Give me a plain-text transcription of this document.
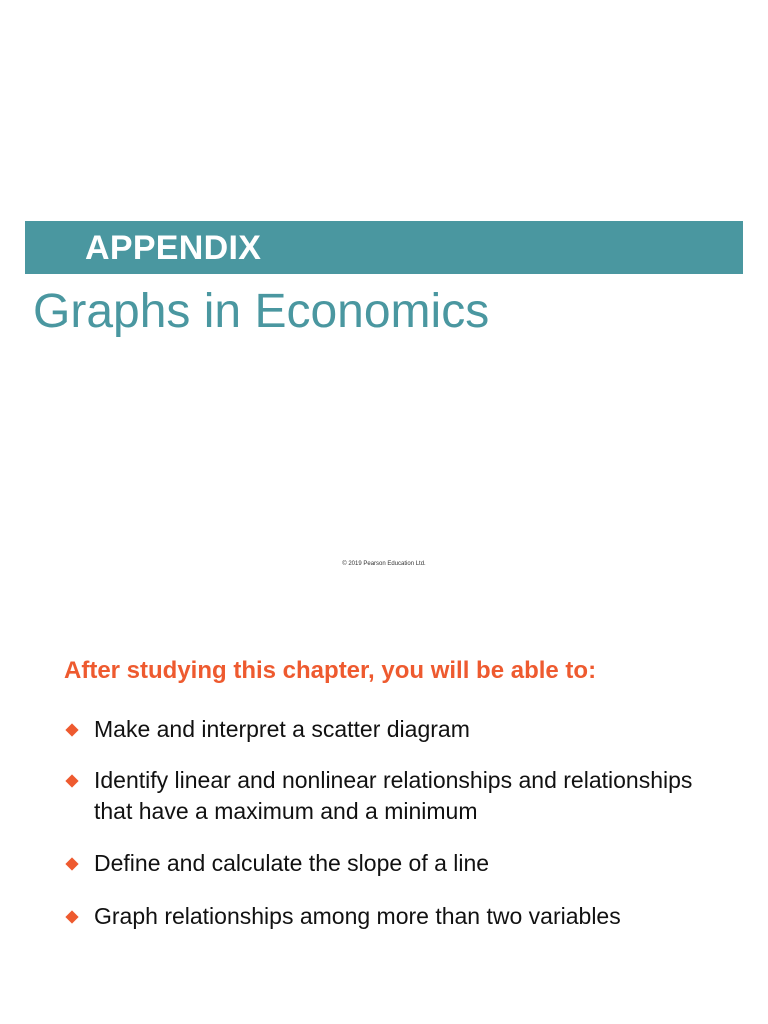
APPENDIX
Graphs in Economics
© 2019 Pearson Education Ltd.
After studying this chapter, you will be able to:
Make and interpret a scatter diagram
Identify linear and nonlinear relationships and relationships that have a maximum and a minimum
Define and calculate the slope of a line
Graph relationships among more than two variables
